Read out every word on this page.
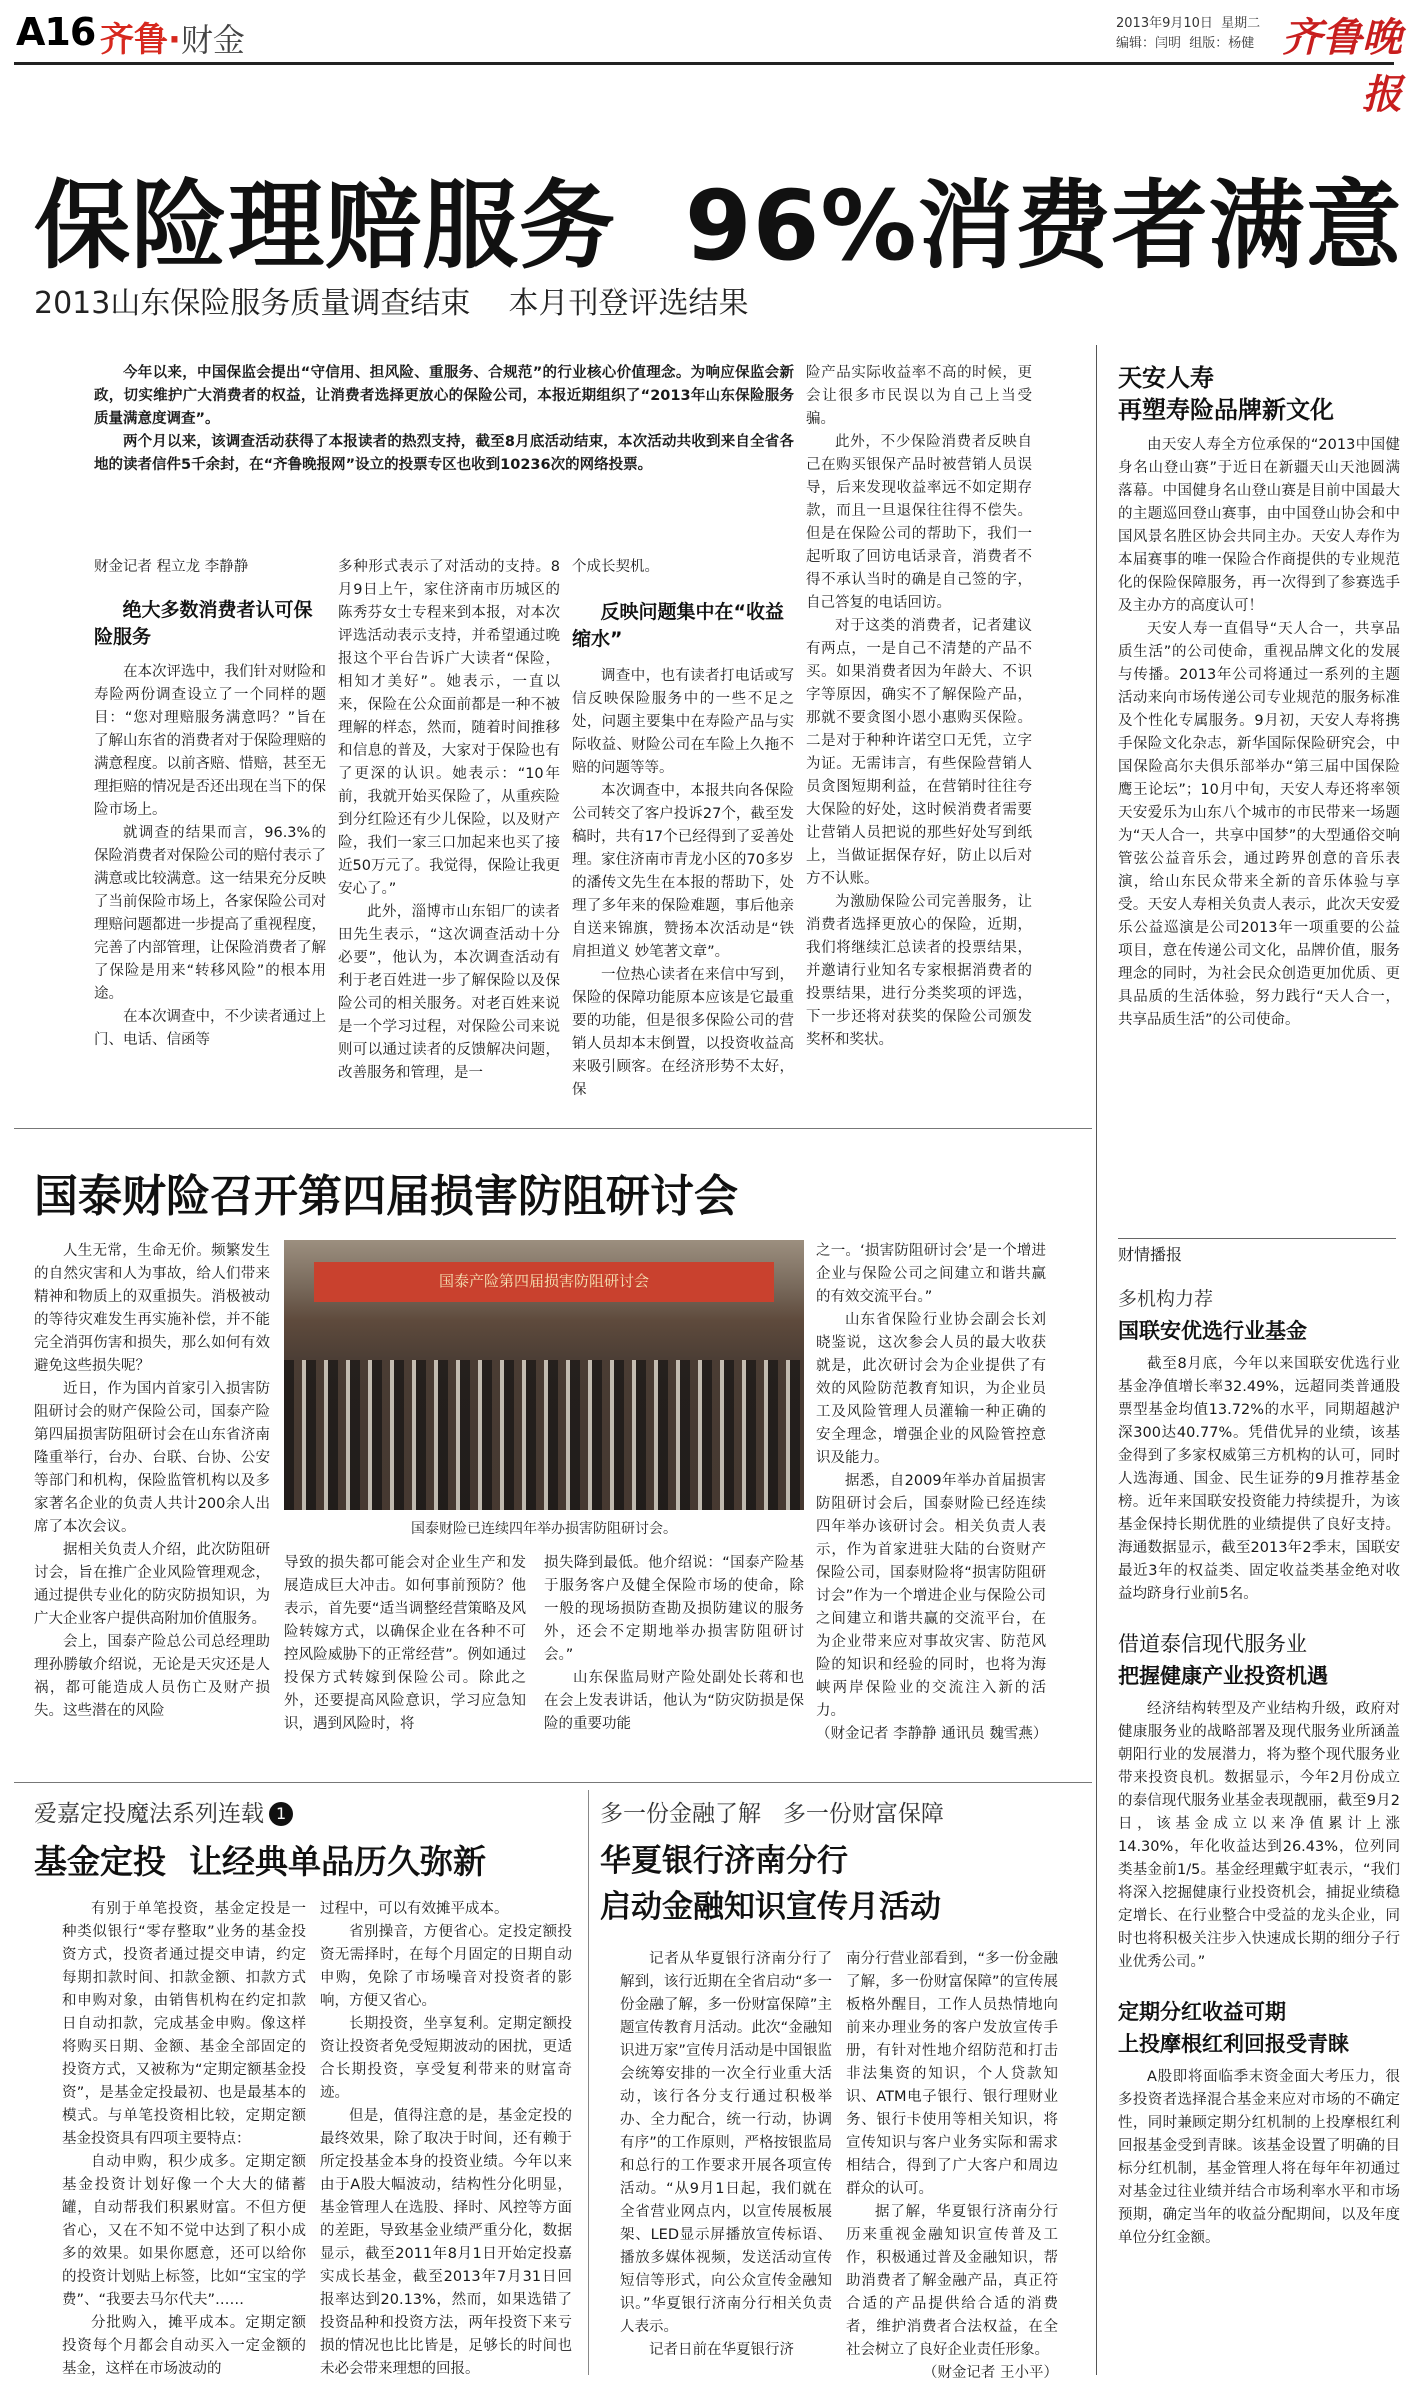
A16 齐鲁·财金	2013年9月10日 星期二
编辑：闫明 组版：杨健 齐鲁晚报
保险理赔服务  96%消费者满意
2013山东保险服务质量调查结束    本月刊登评选结果

今年以来，中国保监会提出“守信用、担风险、重服务、合规范”的行业核心价值理念。为响应保监会新政，切实维护广大消费者的权益，让消费者选择更放心的保险公司，本报近期组织了“2013年山东保险服务质量满意度调查”。

两个月以来，该调查活动获得了本报读者的热烈支持，截至8月底活动结束，本次活动共收到来自全省各地的读者信件5千余封，在“齐鲁晚报网”设立的投票专区也收到10236次的网络投票。

财金记者 程立龙 李静静

绝大多数消费者认可保险服务

在本次评选中，我们针对财险和寿险两份调查设立了一个同样的题目：“您对理赔服务满意吗？”旨在了解山东省的消费者对于保险理赔的满意程度。以前吝赔、惜赔，甚至无理拒赔的情况是否还出现在当下的保险市场上。

就调查的结果而言，96.3%的保险消费者对保险公司的赔付表示了满意或比较满意。这一结果充分反映了当前保险市场上，各家保险公司对理赔问题都进一步提高了重视程度，完善了内部管理，让保险消费者了解了保险是用来“转移风险”的根本用途。

在本次调查中，不少读者通过上门、电话、信函等

多种形式表示了对活动的支持。8月9日上午，家住济南市历城区的陈秀芬女士专程来到本报，对本次评选活动表示支持，并希望通过晚报这个平台告诉广大读者“保险，相知才美好”。她表示，一直以来，保险在公众面前都是一种不被理解的样态，然而，随着时间推移和信息的普及，大家对于保险也有了更深的认识。她表示：“10年前，我就开始买保险了，从重疾险到分红险还有少儿保险，以及财产险，我们一家三口加起来也买了接近50万元了。我觉得，保险让我更安心了。”

此外，淄博市山东铝厂的读者田先生表示，“这次调查活动十分必要”，他认为，本次调查活动有利于老百姓进一步了解保险以及保险公司的相关服务。对老百姓来说是一个学习过程，对保险公司来说则可以通过读者的反馈解决问题，改善服务和管理，是一

个成长契机。

反映问题集中在“收益缩水”

调查中，也有读者打电话或写信反映保险服务中的一些不足之处，问题主要集中在寿险产品与实际收益、财险公司在车险上久拖不赔的问题等等。

本次调查中，本报共向各保险公司转交了客户投诉27个，截至发稿时，共有17个已经得到了妥善处理。家住济南市青龙小区的70多岁的潘传文先生在本报的帮助下，处理了多年来的保险难题，事后他亲自送来锦旗，赞扬本次活动是“铁肩担道义 妙笔著文章”。

一位热心读者在来信中写到，保险的保障功能原本应该是它最重要的功能，但是很多保险公司的营销人员却本末倒置，以投资收益高来吸引顾客。在经济形势不太好，保

险产品实际收益率不高的时候，更会让很多市民误以为自己上当受骗。

此外，不少保险消费者反映自己在购买银保产品时被营销人员误导，后来发现收益率远不如定期存款，而且一旦退保往往得不偿失。但是在保险公司的帮助下，我们一起听取了回访电话录音，消费者不得不承认当时的确是自己签的字，自己答复的电话回访。

对于这类的消费者，记者建议有两点，一是自己不清楚的产品不买。如果消费者因为年龄大、不识字等原因，确实不了解保险产品，那就不要贪图小恩小惠购买保险。二是对于种种许诺空口无凭，立字为证。无需讳言，有些保险营销人员贪图短期利益，在营销时往往夸大保险的好处，这时候消费者需要让营销人员把说的那些好处写到纸上，当做证据保存好，防止以后对方不认账。

为激励保险公司完善服务，让消费者选择更放心的保险，近期，我们将继续汇总读者的投票结果，并邀请行业知名专家根据消费者的投票结果，进行分类奖项的评选，下一步还将对获奖的保险公司颁发奖杯和奖状。

天安人寿

再塑寿险品牌新文化

由天安人寿全方位承保的“2013中国健身名山登山赛”于近日在新疆天山天池圆满落幕。中国健身名山登山赛是目前中国最大的主题巡回登山赛事，由中国登山协会和中国风景名胜区协会共同主办。天安人寿作为本届赛事的唯一保险合作商提供的专业规范化的保险保障服务，再一次得到了参赛选手及主办方的高度认可！

天安人寿一直倡导“天人合一，共享品质生活”的公司使命，重视品牌文化的发展与传播。2013年公司将通过一系列的主题活动来向市场传递公司专业规范的服务标准及个性化专属服务。9月初，天安人寿将携手保险文化杂志，新华国际保险研究会，中国保险高尔夫俱乐部举办“第三届中国保险鹰王论坛”；10月中旬，天安人寿还将率领天安爱乐为山东八个城市的市民带来一场题为“天人合一，共享中国梦”的大型通俗交响管弦公益音乐会，通过跨界创意的音乐表演，给山东民众带来全新的音乐体验与享受。天安人寿相关负责人表示，此次天安爱乐公益巡演是公司2013年一项重要的公益项目，意在传递公司文化，品牌价值，服务理念的同时，为社会民众创造更加优质、更具品质的生活体验，努力践行“天人合一，共享品质生活”的公司使命。

国泰财险召开第四届损害防阻研讨会

人生无常，生命无价。频繁发生的自然灾害和人为事故，给人们带来精神和物质上的双重损失。消极被动的等待灾难发生再实施补偿，并不能完全消弭伤害和损失，那么如何有效避免这些损失呢？

近日，作为国内首家引入损害防阻研讨会的财产保险公司，国泰产险第四届损害防阻研讨会在山东省济南隆重举行，台办、台联、台协、公安等部门和机构，保险监管机构以及多家著名企业的负责人共计200余人出席了本次会议。

据相关负责人介绍，此次防阻研讨会，旨在推广企业风险管理观念，通过提供专业化的防灾防损知识，为广大企业客户提供高附加价值服务。

会上，国泰产险总公司总经理助理孙勝敏介绍说，无论是天灾还是人祸，都可能造成人员伤亡及财产损失。这些潜在的风险

国泰产险第四届损害防阻研讨会
国泰财险已连续四年举办损害防阻研讨会。

导致的损失都可能会对企业生产和发展造成巨大冲击。如何事前预防？他表示，首先要“适当调整经营策略及风险转嫁方式，以确保企业在各种不可控风险威胁下的正常经营”。例如通过投保方式转嫁到保险公司。除此之外，还要提高风险意识，学习应急知识，遇到风险时，将

损失降到最低。他介绍说：“国泰产险基于服务客户及健全保险市场的使命，除一般的现场损防查勘及损防建议的服务外，还会不定期地举办损害防阻研讨会。”

山东保监局财产险处副处长蒋和也在会上发表讲话，他认为“防灾防损是保险的重要功能

之一。‘损害防阻研讨会’是一个增进企业与保险公司之间建立和谐共赢的有效交流平台。”

山东省保险行业协会副会长刘晓鉴说，这次参会人员的最大收获就是，此次研讨会为企业提供了有效的风险防范教育知识，为企业员工及风险管理人员灌输一种正确的安全理念，增强企业的风险管控意识及能力。

据悉，自2009年举办首届损害防阻研讨会后，国泰财险已经连续四年举办该研讨会。相关负责人表示，作为首家进驻大陆的台资财产保险公司，国泰财险将“损害防阻研讨会”作为一个增进企业与保险公司之间建立和谐共赢的交流平台，在为企业带来应对事故灾害、防范风险的知识和经验的同时，也将为海峡两岸保险业的交流注入新的活力。

（财金记者 李静静 通讯员 魏雪燕）

财情播报

多机构力荐

国联安优选行业基金

截至8月底，今年以来国联安优选行业基金净值增长率32.49%，远超同类普通股票型基金均值13.72%的水平，同期超越沪深300达40.77%。凭借优异的业绩，该基金得到了多家权威第三方机构的认可，同时人选海通、国金、民生证券的9月推荐基金榜。近年来国联安投资能力持续提升，为该基金保持长期优胜的业绩提供了良好支持。海通数据显示，截至2013年2季末，国联安最近3年的权益类、固定收益类基金绝对收益均跻身行业前5名。

借道泰信现代服务业

把握健康产业投资机遇

经济结构转型及产业结构升级，政府对健康服务业的战略部署及现代服务业所涵盖朝阳行业的发展潜力，将为整个现代服务业带来投资良机。数据显示，今年2月份成立的泰信现代服务业基金表现靓丽，截至9月2日，该基金成立以来净值累计上涨14.30%，年化收益达到26.43%，位列同类基金前1/5。基金经理戴宇虹表示，“我们将深入挖掘健康行业投资机会，捕捉业绩稳定增长、在行业整合中受益的龙头企业，同时也将积极关注步入快速成长期的细分子行业优秀公司。”

定期分红收益可期

上投摩根红利回报受青睐

A股即将面临季末资金面大考压力，很多投资者选择混合基金来应对市场的不确定性，同时兼顾定期分红机制的上投摩根红利回报基金受到青睐。该基金设置了明确的目标分红机制，基金管理人将在每年年初通过对基金过往业绩并结合市场利率水平和市场预期，确定当年的收益分配期间，以及年度单位分红金额。

爱嘉定投魔法系列连载 1
基金定投  让经典单品历久弥新

有别于单笔投资，基金定投是一种类似银行“零存整取”业务的基金投资方式，投资者通过提交申请，约定每期扣款时间、扣款金额、扣款方式和申购对象，由销售机构在约定扣款日自动扣款，完成基金申购。像这样将购买日期、金额、基金全部固定的投资方式，又被称为“定期定额基金投资”，是基金定投最初、也是最基本的模式。与单笔投资相比较，定期定额基金投资具有四项主要特点：

自动申购，积少成多。定期定额基金投资计划好像一个大大的储蓄罐，自动帮我们积累财富。不但方便省心，又在不知不觉中达到了积小成多的效果。如果你愿意，还可以给你的投资计划贴上标签，比如“宝宝的学费”、“我要去马尔代夫”……

分批购入，摊平成本。定期定额投资每个月都会自动买入一定金额的基金，这样在市场波动的

过程中，可以有效摊平成本。

省别操音，方便省心。定投定额投资无需择时，在每个月固定的日期自动申购，免除了市场噪音对投资者的影响，方便又省心。

长期投资，坐享复利。定期定额投资让投资者免受短期波动的困扰，更适合长期投资，享受复利带来的财富奇迹。

但是，值得注意的是，基金定投的最终效果，除了取决于时间，还有赖于所定投基金本身的投资业绩。今年以来由于A股大幅波动，结构性分化明显，基金管理人在选股、择时、风控等方面的差距，导致基金业绩严重分化，数据显示，截至2011年8月1日开始定投嘉实成长基金，截至2013年7月31日回报率达到20.13%，然而，如果选错了投资品种和投资方法，两年投资下来亏损的情况也比比皆是，足够长的时间也未必会带来理想的回报。

多一份金融了解   多一份财富保障
华夏银行济南分行
启动金融知识宣传月活动

记者从华夏银行济南分行了解到，该行近期在全省启动“多一份金融了解，多一份财富保障”主题宣传教育月活动。此次“金融知识进万家”宣传月活动是中国银监会统筹安排的一次全行业重大活动，该行各分支行通过积极举办、全力配合，统一行动，协调有序”的工作原则，严格按银监局和总行的工作要求开展各项宣传活动。“从9月1日起，我们就在全省营业网点内，以宣传展板展架、LED显示屏播放宣传标语、播放多媒体视频，发送活动宣传短信等形式，向公众宣传金融知识。”华夏银行济南分行相关负责人表示。

记者日前在华夏银行济

南分行营业部看到，“多一份金融了解，多一份财富保障”的宣传展板格外醒目，工作人员热情地向前来办理业务的客户发放宣传手册，有针对性地介绍防范和打击非法集资的知识，个人贷款知识、ATM电子银行、银行理财业务、银行卡使用等相关知识，将宣传知识与客户业务实际和需求相结合，得到了广大客户和周边群众的认可。

据了解，华夏银行济南分行历来重视金融知识宣传普及工作，积极通过普及金融知识，帮助消费者了解金融产品，真正符合适的产品提供给合适的消费者，维护消费者合法权益，在全社会树立了良好企业责任形象。

（财金记者 王小平）
